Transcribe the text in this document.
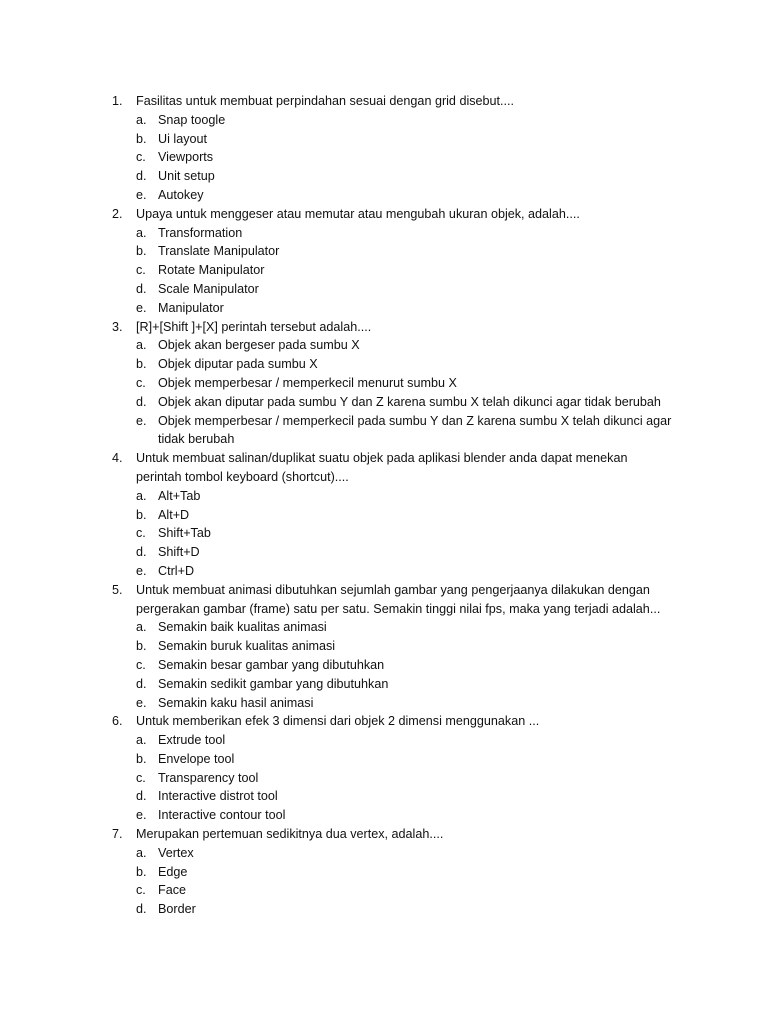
1.	Fasilitas untuk membuat perpindahan sesuai dengan grid disebut....
a. Snap toogle
b. Ui layout
c. Viewports
d. Unit setup
e. Autokey
2.	Upaya untuk menggeser atau memutar atau mengubah ukuran objek, adalah....
a. Transformation
b. Translate Manipulator
c. Rotate Manipulator
d. Scale Manipulator
e. Manipulator
3.	[R]+[Shift ]+[X] perintah tersebut adalah....
a. Objek akan bergeser pada sumbu X
b. Objek diputar pada sumbu X
c. Objek memperbesar / memperkecil menurut sumbu X
d. Objek akan diputar pada sumbu Y dan Z karena sumbu X telah dikunci agar tidak berubah
e. Objek memperbesar / memperkecil pada sumbu Y dan Z karena sumbu X telah dikunci agar tidak berubah
4.	Untuk membuat salinan/duplikat suatu objek pada aplikasi blender anda dapat menekan perintah tombol keyboard (shortcut)....
a. Alt+Tab
b. Alt+D
c. Shift+Tab
d. Shift+D
e. Ctrl+D
5.	Untuk membuat animasi dibutuhkan sejumlah gambar yang pengerjaanya dilakukan dengan pergerakan gambar (frame) satu per satu. Semakin tinggi nilai fps, maka yang terjadi adalah...
a. Semakin baik kualitas animasi
b. Semakin buruk kualitas animasi
c. Semakin besar gambar yang dibutuhkan
d. Semakin sedikit gambar yang dibutuhkan
e. Semakin kaku hasil animasi
6.	Untuk memberikan efek 3 dimensi dari objek 2 dimensi menggunakan ...
a. Extrude tool
b. Envelope tool
c. Transparency tool
d. Interactive distrot tool
e. Interactive contour tool
7.	Merupakan pertemuan sedikitnya dua vertex, adalah....
a. Vertex
b. Edge
c. Face
d. Border
